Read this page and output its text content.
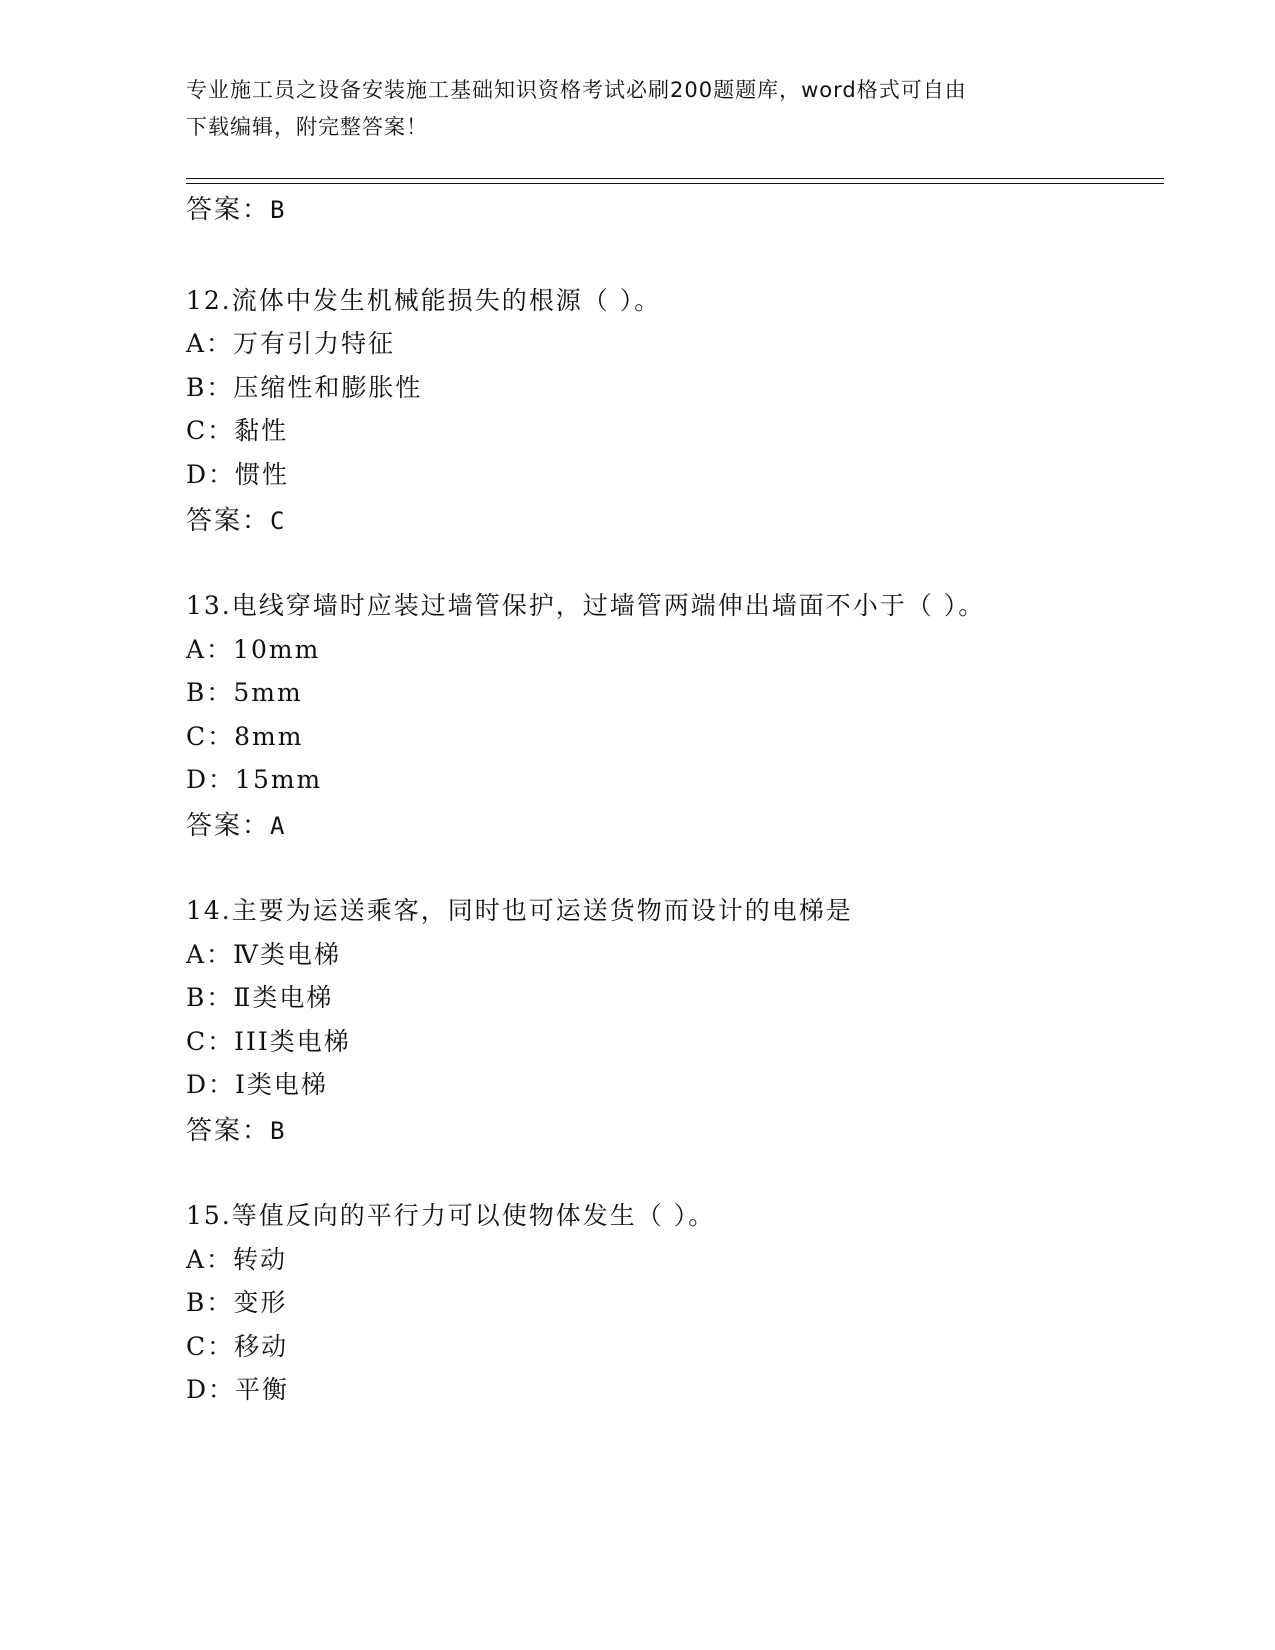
专业施工员之设备安装施工基础知识资格考试必刷200题题库，word格式可自由
下载编辑，附完整答案！
答案：B
12.流体中发生机械能损失的根源（ ）。
A：万有引力特征
B：压缩性和膨胀性
C：黏性
D：惯性
答案：C
13.电线穿墙时应装过墙管保护，过墙管两端伸出墙面不小于（ ）。
A：10mm
B：5mm
C：8mm
D：15mm
答案：A
14.主要为运送乘客，同时也可运送货物而设计的电梯是
A：Ⅳ类电梯
B：Ⅱ类电梯
C：III类电梯
D：Ⅰ类电梯
答案：B
15.等值反向的平行力可以使物体发生（ ）。
A：转动
B：变形
C：移动
D：平衡
